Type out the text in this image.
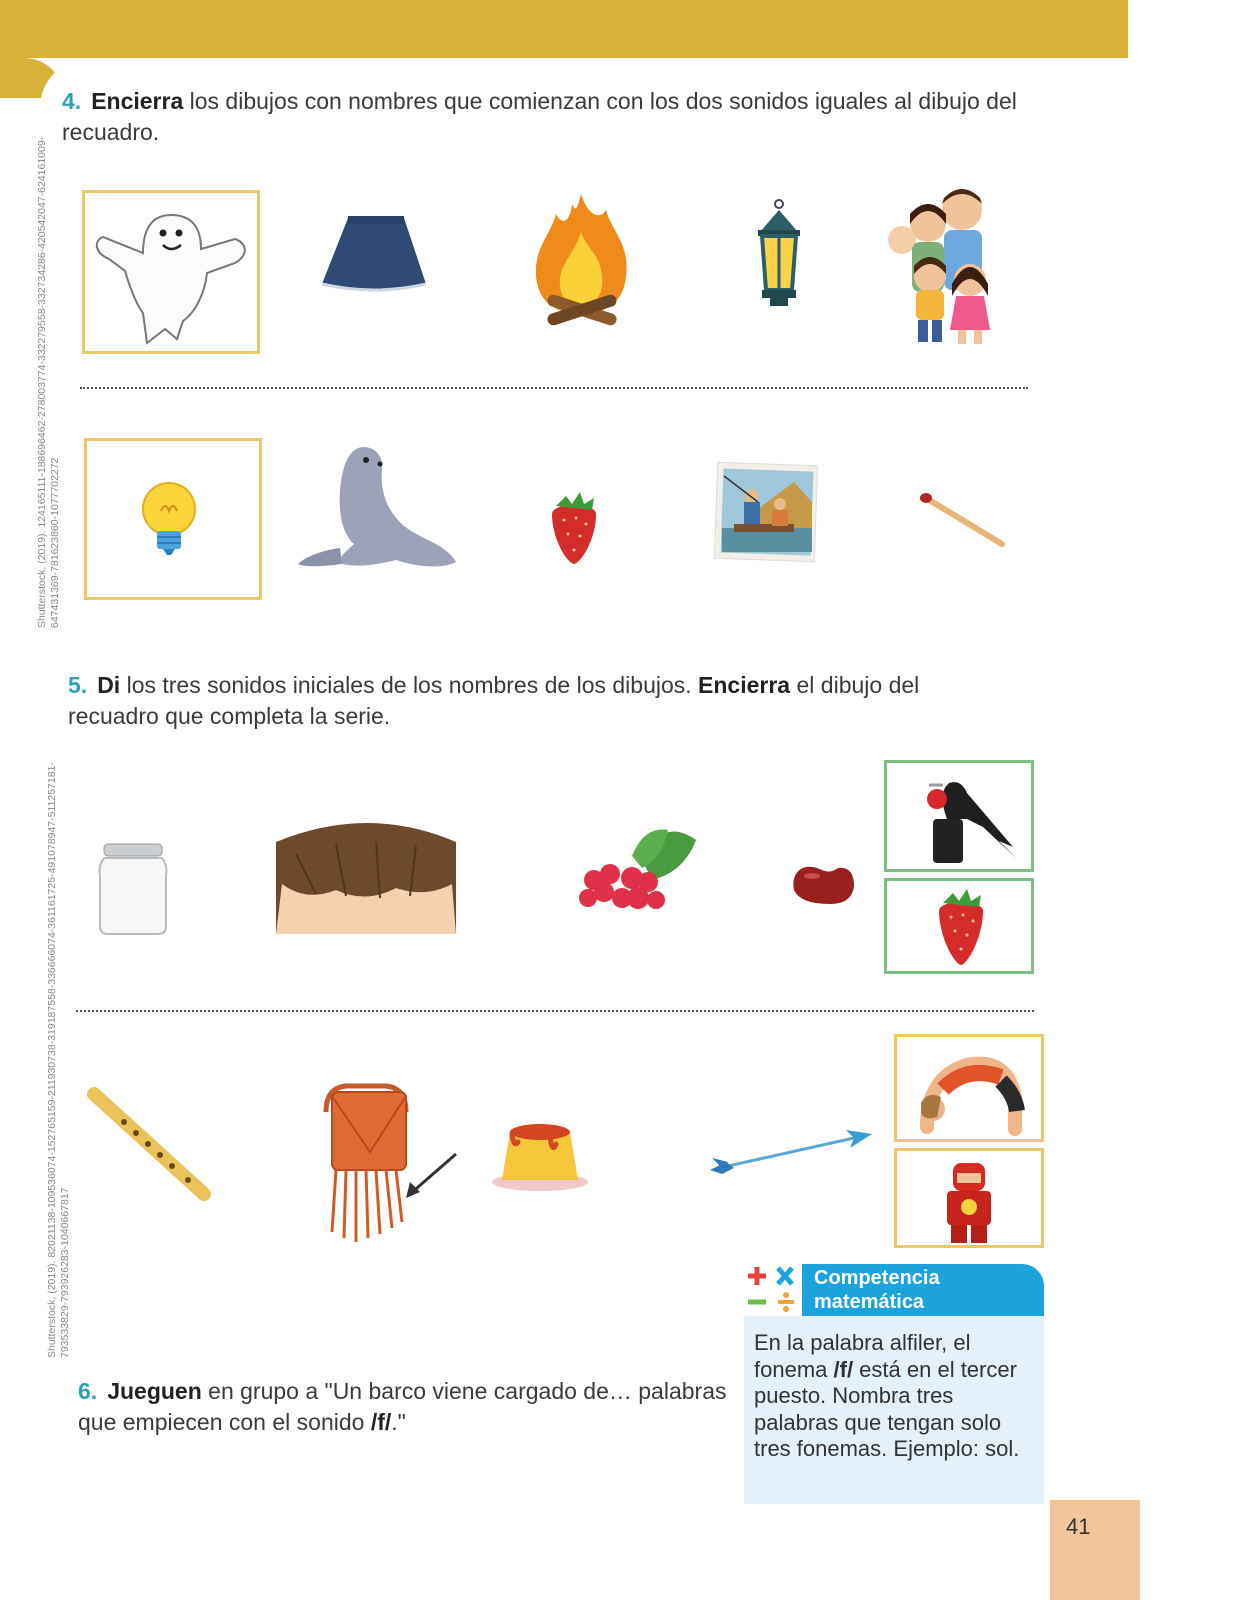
Shutterstock, (2019). 124165111-188696462-278003774-332279558-332734286-420542047-624161009- 647431369-781623860-1077702272
Shutterstock, (2019). 82021138-109536074-152765159-211930738-319187558-336666074-361161725-491078947-511257181- 793533829-793926283-1040667817
4. Encierra los dibujos con nombres que comienzan con los dos sonidos iguales al dibujo del recuadro.
5. Di los tres sonidos iniciales de los nombres de los dibujos. Encierra el dibujo del recuadro que completa la serie.
6. Jueguen en grupo a "Un barco viene cargado de… palabras que empiecen con el sonido /f/."
Competencia
matemática
En la palabra alfiler, el fonema /f/ está en el tercer puesto. Nombra tres palabras que tengan solo tres fonemas. Ejemplo: sol.
41
